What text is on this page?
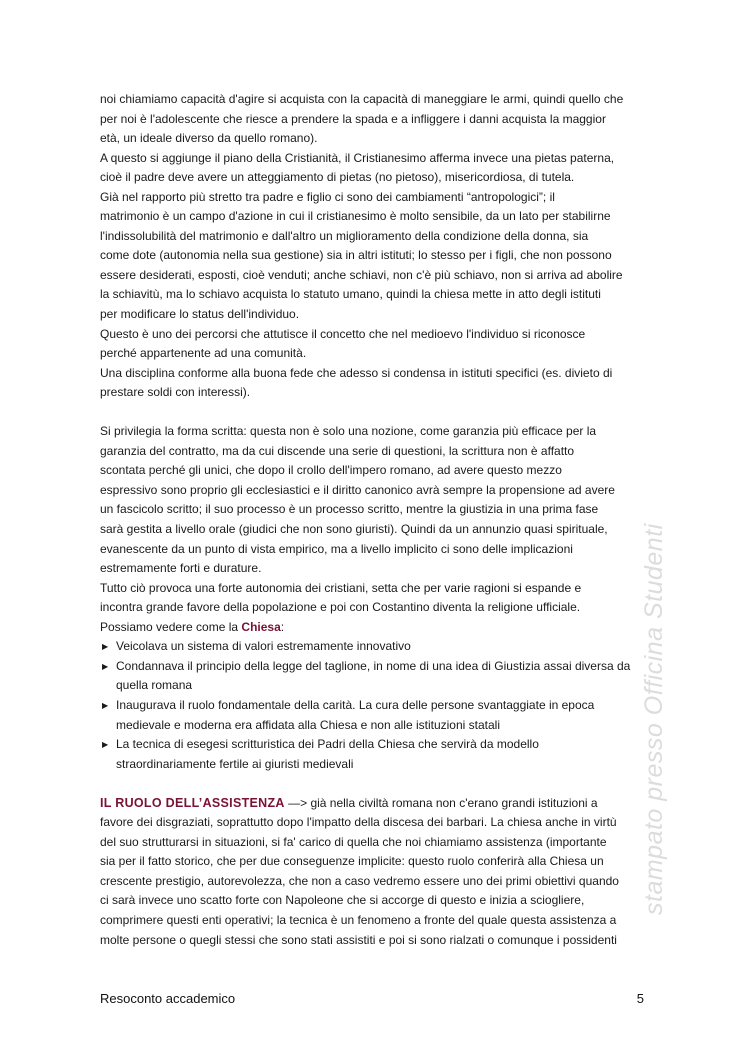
noi chiamiamo capacità d'agire si acquista con la capacità di maneggiare le armi, quindi quello che
per noi è l'adolescente che riesce a prendere la spada e a infliggere i danni acquista la maggior
età, un ideale diverso da quello romano).
A questo si aggiunge il piano della Cristianità, il Cristianesimo afferma invece una pietas paterna,
cioè il padre deve avere un atteggiamento di pietas (no pietoso), misericordiosa, di tutela.
Già nel rapporto più stretto tra padre e figlio ci sono dei cambiamenti “antropologici”; il
matrimonio è un campo d'azione in cui il cristianesimo è molto sensibile, da un lato per stabilirne
l'indissolubilità del matrimonio e dall'altro un miglioramento della condizione della donna, sia
come dote (autonomia nella sua gestione) sia in altri istituti; lo stesso per i figli, che non possono
essere desiderati, esposti, cioè venduti; anche schiavi, non c'è più schiavo, non si arriva ad abolire
la schiavitù, ma lo schiavo acquista lo statuto umano, quindi la chiesa mette in atto degli istituti
per modificare lo status dell'individuo.
Questo è uno dei percorsi che attutisce il concetto che nel medioevo l'individuo si riconosce
perché appartenente ad una comunità.
Una disciplina conforme alla buona fede che adesso si condensa in istituti specifici (es. divieto di
prestare soldi con interessi).
Si privilegia la forma scritta: questa non è solo una nozione, come garanzia più efficace per la
garanzia del contratto, ma da cui discende una serie di questioni, la scrittura non è affatto
scontata perché gli unici, che dopo il crollo dell'impero romano, ad avere questo mezzo
espressivo sono proprio gli ecclesiastici e il diritto canonico avrà sempre la propensione ad avere
un fascicolo scritto; il suo processo è un processo scritto, mentre la giustizia in una prima fase
sarà gestita a livello orale (giudici che non sono giuristi). Quindi da un annunzio quasi spirituale,
evanescente da un punto di vista empirico, ma a livello implicito ci sono delle implicazioni
estremamente forti e durature.
Tutto ciò provoca una forte autonomia dei cristiani, setta che per varie ragioni si espande e
incontra grande favore della popolazione e poi con Costantino diventa la religione ufficiale.
Possiamo vedere come la Chiesa:
▶ Veicolava un sistema di valori estremamente innovativo
▶ Condannava il principio della legge del taglione, in nome di una idea di Giustizia assai diversa da
quella romana
▶ Inaugurava il ruolo fondamentale della carità. La cura delle persone svantaggiate in epoca
medievale e moderna era affidata alla Chiesa e non alle istituzioni statali
▶ La tecnica di esegesi scritturistica dei Padri della Chiesa che servirà da modello
straordinariamente fertile ai giuristi medievali
IL RUOLO DELL’ASSISTENZA —> già nella civiltà romana non c'erano grandi istituzioni a
favore dei disgraziati, soprattutto dopo l'impatto della discesa dei barbari. La chiesa anche in virtù
del suo strutturarsi in situazioni, si fa' carico di quella che noi chiamiamo assistenza (importante
sia per il fatto storico, che per due conseguenze implicite: questo ruolo conferirà alla Chiesa un
crescente prestigio, autorevolezza, che non a caso vedremo essere uno dei primi obiettivi quando
ci sarà invece uno scatto forte con Napoleone che si accorge di questo e inizia a sciogliere,
comprimere questi enti operativi; la tecnica è un fenomeno a fronte del quale questa assistenza a
molte persone o quegli stessi che sono stati assistiti e poi si sono rialzati o comunque i possidenti
stampato presso Officina Studenti
Resoconto accademico	5
